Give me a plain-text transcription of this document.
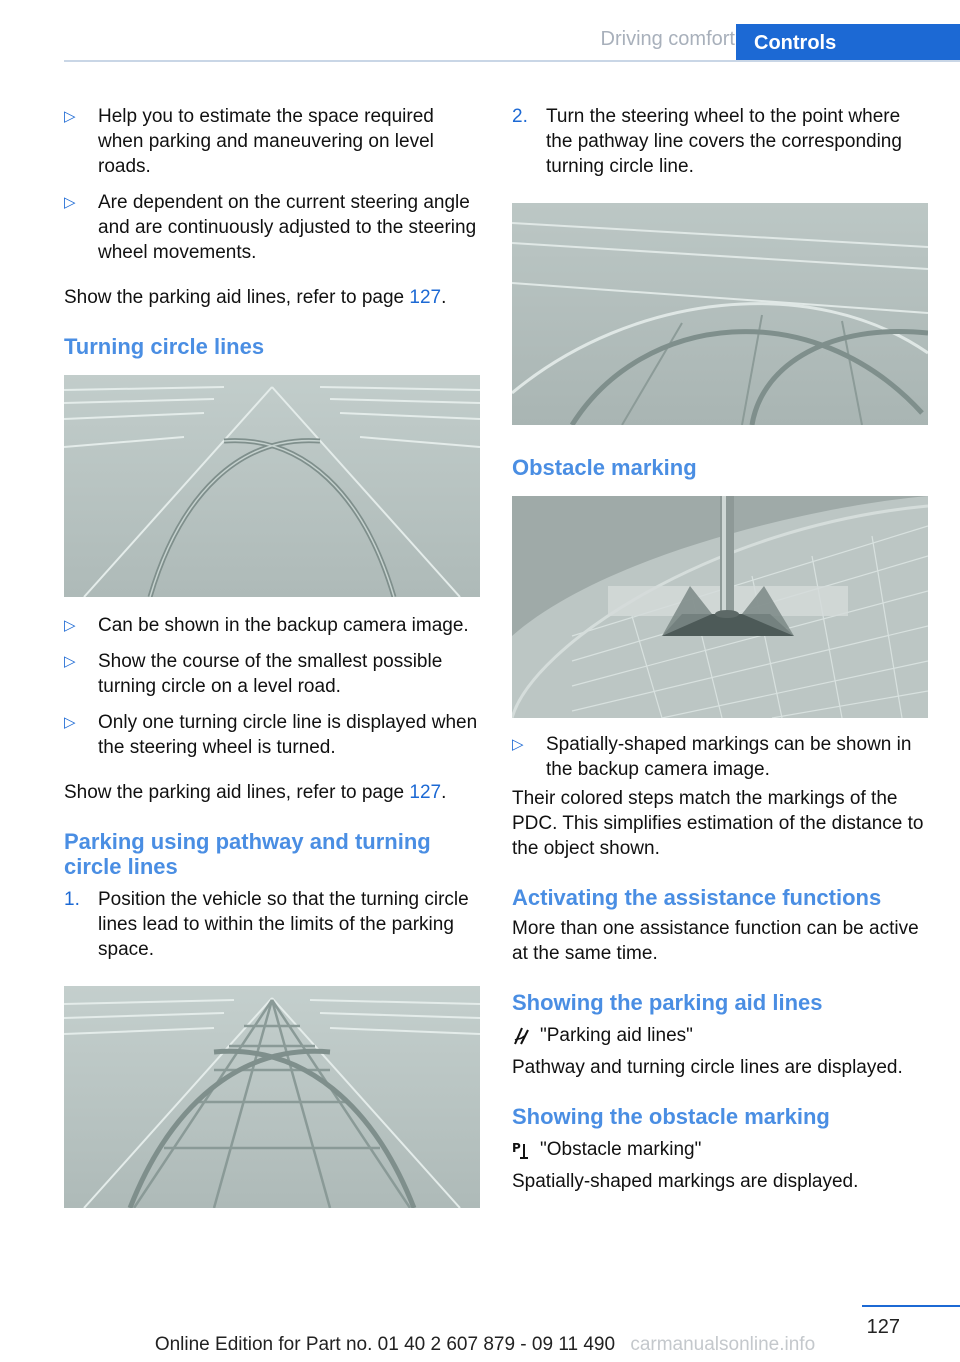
Driving comfort Controls
▷ Help you to estimate the space required when parking and maneuvering on level roads.
▷ Are dependent on the current steering angle and are continuously adjusted to the steering wheel movements.

Show the parking aid lines, refer to page 127.

Turning circle lines
▷ Can be shown in the backup camera image.
▷ Show the course of the smallest possible turning circle on a level road.
▷ Only one turning circle line is displayed when the steering wheel is turned.

Show the parking aid lines, refer to page 127.

Parking using pathway and turning circle lines
1. Position the vehicle so that the turning circle lines lead to within the limits of the parking space.
2. Turn the steering wheel to the point where the pathway line covers the corresponding turning circle line.
Obstacle marking
▷ Spatially-shaped markings can be shown in the backup camera image.

Their colored steps match the markings of the PDC. This simplifies estimation of the distance to the object shown.

Activating the assistance functions

More than one assistance function can be active at the same time.

Showing the parking aid lines
"Parking aid lines"

Pathway and turning circle lines are displayed.

Showing the obstacle marking
P "Obstacle marking"

Spatially-shaped markings are displayed.

127
Online Edition for Part no. 01 40 2 607 879 - 09 11 490 carmanualsonline.info
